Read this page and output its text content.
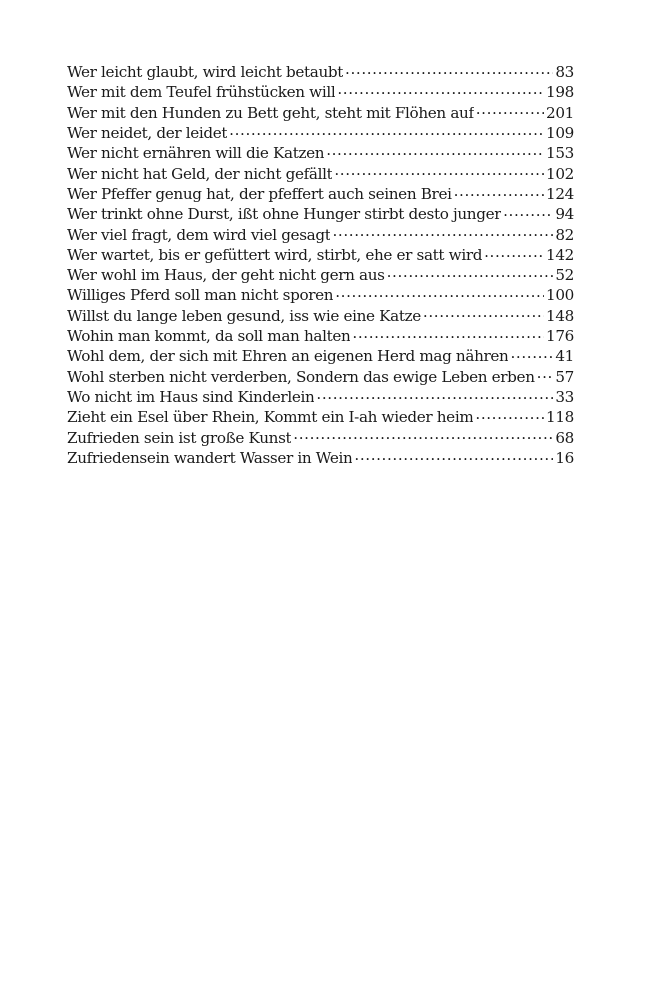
Wer leicht glaubt, wird leicht betaubt .....	83
Wer mit dem Teufel frühstücken will .....	198
Wer mit den Hunden zu Bett geht, steht mit Flöhen auf .....	201
Wer neidet, der leidet .....	109
Wer nicht ernähren will die Katzen .....	153
Wer nicht hat Geld, der nicht gefällt .....	102
Wer Pfeffer genug hat, der pfeffert auch seinen Brei .....	124
Wer trinkt ohne Durst, ißt ohne Hunger stirbt desto junger .....	94
Wer viel fragt, dem wird viel gesagt .....	82
Wer wartet, bis er gefüttert wird, stirbt, ehe er satt wird .....	142
Wer wohl im Haus, der geht nicht gern aus .....	52
Williges Pferd soll man nicht sporen .....	100
Willst du lange leben gesund, iss wie eine Katze .....	148
Wohin man kommt, da soll man halten .....	176
Wohl dem, der sich mit Ehren an eigenen Herd mag nähren .....	41
Wohl sterben nicht verderben, Sondern das ewige Leben erben ..... 57
Wo nicht im Haus sind Kinderlein .....	33
Zieht ein Esel über Rhein, Kommt ein I-ah wieder heim .....	118
Zufrieden sein ist große Kunst .....	68
Zufriedensein wandert Wasser in Wein .....	16
